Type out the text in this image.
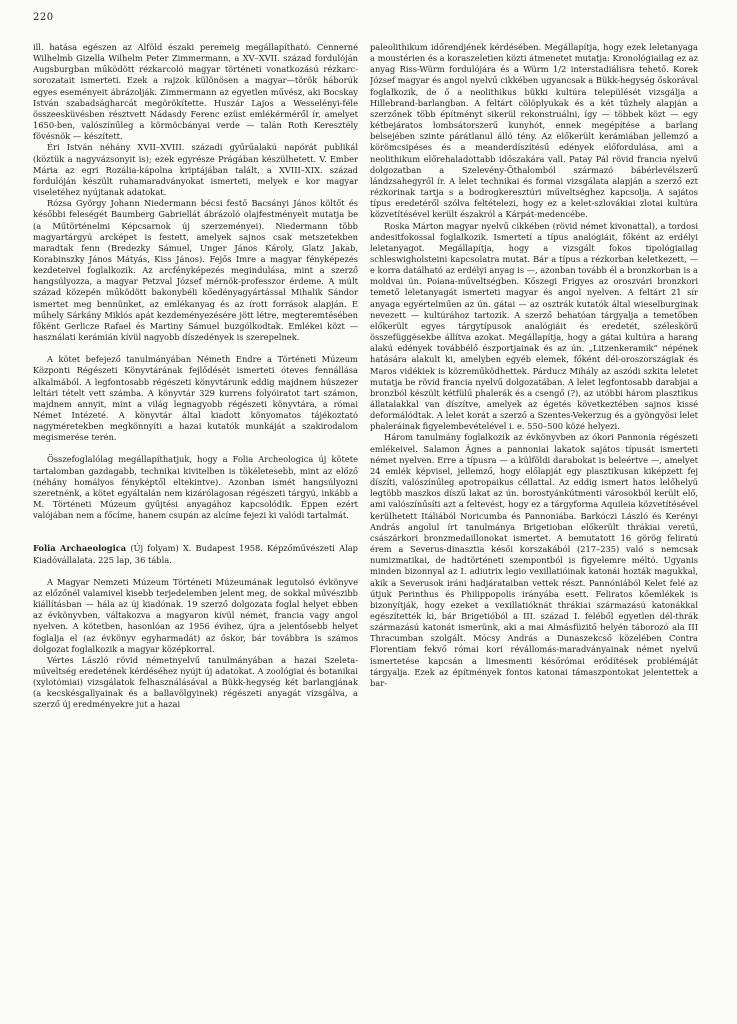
220

ill. hatása egészen az Alföld északi peremeig megállapítható. Cennerné Wilhelmb Gizella Wilhelm Peter Zimmermann, a XV–XVII. század fordulóján Augsburgban működött rézkarcoló magyar történeti vonatkozású rézkarc-sorozatait ismerteti. Ezek a rajzok különösen a magyar—török háborúk egyes eseményeit ábrázolják. Zimmermann az egyetlen művész, aki Bocskay István szabadságharcát megörökítette. Huszár Lajos a Wesselényi-féle összeesküvésben résztvett Nádasdy Ferenc ezüst emlékérméről ír, amelyet 1650-ben, valószínűleg a körmöcbányai verde — talán Roth Keresztély fövésnök — készített.

Éri István néhány XVII–XVIII. századi gyűrűalakú napórát publikál (köztük a nagyvázsonyit is); ezek egyrésze Prágában készülhetett. V. Ember Mária az egri Rozália-kápolna kriptájában talált, a XVIII–XIX. század fordulóján készült ruhamaradványokat ismerteti, melyek e kor magyar viseletéhez nyújtanak adatokat.

Rózsa György Johann Niedermann bécsi festő Bacsányi János költőt és későbbi feleségét Baumberg Gabriellát ábrázoló olajfestményeit mutatja be (a Műtörténelmi Képcsarnok új szerzeményei). Niedermann több magyartárgyú arcképet is festett, amelyek sajnos csak metszetekben maradtak fenn (Bredezky Sámuel, Unger János Károly, Glatz Jakab, Korabinszky János Mátyás, Kiss János). Fejős Imre a magyar fényképezés kezdeteivel foglalkozik. Az arcfényképezés megindulása, mint a szerző hangsúlyozza, a magyar Petzval József mérnök-professzor érdeme. A múlt század közepén működött bakonybéli kőedényagyártással Mihalik Sándor ismertet meg bennünket, az emlékanyag és az írott források alapján. E műhely Sárkány Miklós apát kezdeményezésére jött létre, megteremtésében főként Gerlicze Rafael és Martiny Sámuel buzgólkodtak. Emlékei közt — használati kerámián kívül nagyobb díszedények is szerepelnek.

A kötet befejező tanulmányában Németh Endre a Történeti Múzeum Központi Régészeti Könyvtárának fejlődését ismerteti óteves fennállása alkalmából. A legfontosabb régészeti könyvtárunk eddig majdnem húszezer leltári tételt vett számba. A könyvtár 329 kurrens folyóiratot tart számon, majdnem annyit, mint a világ legnagyobb régészeti könyvtára, a római Német Intézeté. A könyvtár által kiadott könyomatos tájékoztató nagyméretekben megkönnyíti a hazai kutatók munkáját a szakirodalom megismerése terén.

Összefoglalólag megállapíthatjuk, hogy a Folia Archeologica új kötete tartalomban gazdagabb, technikai kivitelben is tökéletesebb, mint az előző (néhány homályos fényképtől eltekintve). Azonban ismét hangsúlyozni szeretnénk, a kötet egyáltalán nem kizárólagosan régészeti tárgyú, inkább a M. Történeti Múzeum gyűjtési anyagához kapcsolódik. Éppen ezért valójában nem a főcíme, hanem csupán az alcíme fejezi ki valódi tartalmát.

Folia Archaeologica (Új folyam) X. Budapest 1958. Képzőművészeti Alap Kiadóvállalata. 225 lap, 36 tábla.

A Magyar Nemzeti Múzeum Történeti Múzeumának legutolsó évkönyve az előzőnél valamivel kisebb terjedelemben jelent meg, de sokkal művészibb kiállításban — hála az új kiadónak. 19 szerző dolgozata foglal helyet ebben az évkönyvben, váltakozva a magyaron kívül német, francia vagy angol nyelven. A kötetben, hasonlóan az 1956 évihez, újra a jelentősebb helyet foglalja el (az évkönyv egyharmadát) az őskor, bár továbbra is számos dolgozat foglalkozik a magyar középkorral.

Vértes László rövid németnyelvű tanulmányában a hazai Szeleta-műveltség eredetének kérdéséhez nyújt új adatokat. A zoológiai és botanikai (xylotómiai) vizsgálatok felhasználásával a Bükk-hegység két barlangjának (a kecskésgallyainak és a ballavölgyinek) régészeti anyagát vizsgálva, a szerző új eredményekre jut a hazai

paleolithikum időrendjének kérdésében. Megállapítja, hogy ezek leletanyaga a moustérien és a koraszeletien közti átmenetet mutatja: Kronológiailag ez az anyag Riss-Würm fordulójára és a Würm 1/2 interstadiálisra tehető. Korek József magyar és angol nyelvű cikkében ugyancsak a Bükk-hegység őskorával foglalkozik, de ő a neolithikus bükki kultúra települését vizsgálja a Hillebrand-barlangban. A feltárt cölöplyukak és a két tűzhely alapján a szerzőnek több építményt sikerül rekonstruálni, így — többek közt — egy kétbejáratos lombsátorszerű kunyhót, ennek megépítése a barlang belsejében szinte párátlanul álló tény. Az előkerült kerámiában jellemző a körömcsipéses és a meanderdíszítésű edények előfordulása, ami a neolithikum előrehaladottabb időszakára vall. Patay Pál rövid francia nyelvű dolgozatban a Szelevény-Öthalomból származó bábérlevélszerű lándzsahegyről ír. A lelet technikai és formai vizsgálata alapján a szerző ezt rézkorinak tartja s a bodrogkeresztúri műveltséghez kapcsolja. A sajátos típus eredetéről szólva feltételezi, hogy ez a kelet-szlovákiai zlotai kultúra közvetítésével került északról a Kárpát-medencébe.

Roska Márton magyar nyelvű cikkében (rövid német kivonattal), a tordosi andesitfokossal foglalkozik. Ismertetí a típus analógiáit, főként az erdélyi leletanyagot. Megállapítja, hogy a vizsgált fokos tipológiailag schleswigholsteini kapcsolatra mutat. Bár a típus a rézkorban keletkezett, — e korra datálható az erdélyi anyag is —, azonban tovább él a bronzkorban is a moldvai ún. Poiana-műveltségben. Kőszegi Frigyes az oroszvári bronzkori temető leletanyagát ismerteti magyar és angol nyelven. A feltárt 21 sír anyaga egyértelműen az ún. gátai — az osztrák kutatók által wieselburginak nevezett — kultúrához tartozik. A szerző behatóan tárgyalja a temetőben előkerült egyes tárgytípusok analógiáit és eredetét, széleskörű összefüggésekbe állítva azokat. Megállapítja, hogy a gátai kultúra a harang alakú edények továbbélő észportjainak és az ún. „Litzenkeramik” népének hatására alakult ki, amelyben egyéb elemek, főként dél-oroszországiak és Maros vidékiek is közreműködhettek. Párducz Mihály az aszódi szkita leletet mutatja be rövid francia nyelvű dolgozatában. A lelet legfontosabb darabjai a bronzból készült kétfülű phalerák és a csengő (?), az utóbbi három plasztikus állatalakkal van díszítve, amelyek az égetés következtében sajnos kissé deformálódtak. A lelet korát a szerző a Szentes-Vekerzug és a gyöngyösi lelet phaleráinak figyelembevételével i. e. 550–500 közé helyezi.

Három tanulmány foglalkozik az évkönyvben az ókori Pannonia régészeti emlékeivel. Salamon Ágnes a pannoniai lakatok sajátos típusát ismerteti német nyelven. Erre a típusra — a külföldi darabokat is beleértve —, amelyet 24 emlék képvisel, jellemző, hogy előlapját egy plasztikusan kiképzett fej díszíti, valószínűleg apotropaikus céllattal. Az eddig ismert hatos lelőhelyű legtöbb maszkos díszű lakat az ún. borostyánkútmenti városokból került elő, ami valószínűsíti azt a feltevést, hogy ez a tárgyforma Aquileia közvetítésével kerülhetett Itáliából Noricumba és Pannoniába. Barkóczi László és Kerényi András angolul írt tanulmánya Brigetioban előkerült thrákiai veretű, császárkori bronzmedaillonokat ismertet. A bemutatott 16 görög feliratú érem a Severus-dinasztia késői korszakából (217–235) való s nemcsak numizmatikai, de hadtörténeti szempontból is figyelemre méltó. Ugyanis minden bizonnyal az I. adiutrix legio vexillatióinak katonái hozták magukkal, akik a Severusok iráni hadjárataiban vettek részt. Pannóniából Kelet felé az útjuk Perinthus és Philippopolis irányába esett. Feliratos kőemlékek is bizonyítják, hogy ezeket a vexillatióknát thrákiai származású katonákkal egészítették ki, bár Brigetióból a III. század I. feléből egyetlen dél-thrák származású katonát ismerünk, aki a mai Almásfüzitő helyén táborozó ala III Thracumban szolgált. Mócsy András a Dunaszekcső közelében Contra Florentiam fekvő római kori révállomás-maradványainak német nyelvű ismertetése kapcsán a limesmenti későrómai erődítések problémáját tárgyalja. Ezek az építmények fontos katonai támaszpontokat jelentettek a bar-
